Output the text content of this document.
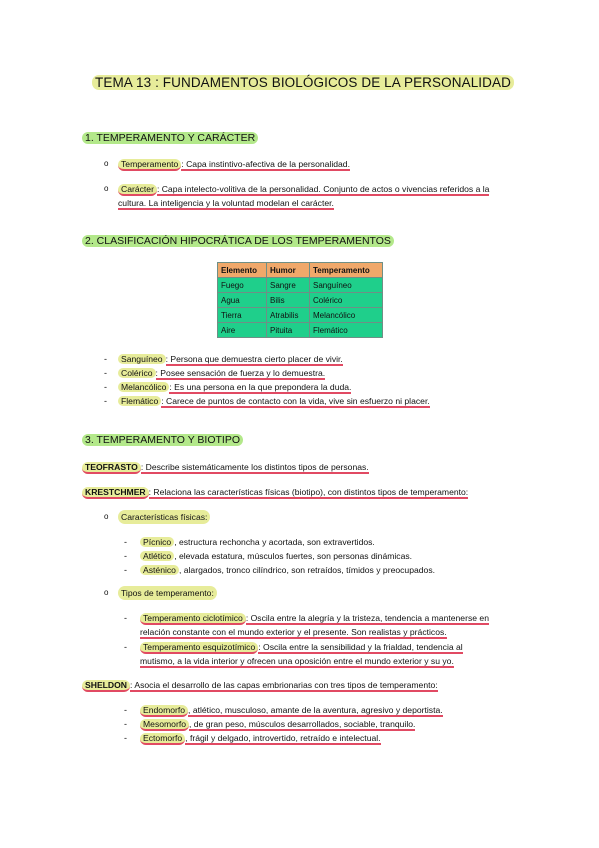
TEMA 13 : FUNDAMENTOS BIOLÓGICOS DE LA PERSONALIDAD
1. TEMPERAMENTO Y CARÁCTER
o	Temperamento : Capa instintivo-afectiva de la personalidad.
o	Carácter : Capa intelecto-volitiva de la personalidad. Conjunto de actos o vivencias referidos a la
cultura. La inteligencia y la voluntad modelan el carácter.
2. CLASIFICACIÓN HIPOCRÁTICA DE LOS TEMPERAMENTOS
Elemento	Humor	Temperamento
Fuego	Sangre	Sanguíneo
Agua	Bilis	Colérico
Tierra	Atrabilis	Melancólico
Aire	Pituita	Flemático
-	Sanguíneo : Persona que demuestra cierto placer de vivir.
-	Colérico : Posee sensación de fuerza y lo demuestra.
-	Melancólico : Es una persona en la que prepondera la duda.
-	Flemático : Carece de puntos de contacto con la vida, vive sin esfuerzo ni placer.
3. TEMPERAMENTO Y BIOTIPO
TEOFRASTO : Describe sistemáticamente los distintos tipos de personas.
KRESTCHMER : Relaciona las características físicas (biotipo), con distintos tipos de temperamento:
o	Características físicas:
-	Pícnico , estructura rechoncha y acortada, son extravertidos.
-	Atlético , elevada estatura, músculos fuertes, son personas dinámicas.
-	Asténico , alargados, tronco cilíndrico, son retraídos, tímidos y preocupados.
o	Tipos de temperamento:
-	Temperamento ciclotímico : Oscila entre la alegría y la tristeza, tendencia a mantenerse en
relación constante con el mundo exterior y el presente. Son realistas y prácticos.
-	Temperamento esquizotímico : Oscila entre la sensibilidad y la frialdad, tendencia al
mutismo, a la vida interior y ofrecen una oposición entre el mundo exterior y su yo.
SHELDON : Asocia el desarrollo de las capas embrionarias con tres tipos de temperamento:
-	Endomorfo , atlético, musculoso, amante de la aventura, agresivo y deportista.
-	Mesomorfo , de gran peso, músculos desarrollados, sociable, tranquilo.
-	Ectomorfo , frágil y delgado, introvertido, retraído e intelectual.
